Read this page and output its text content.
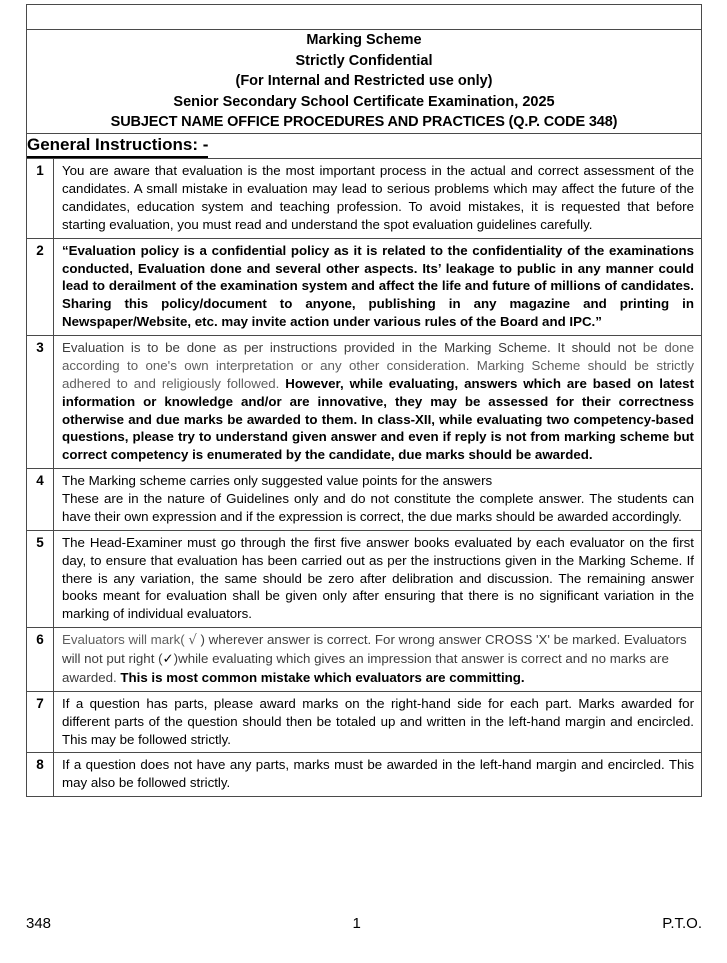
Marking Scheme
Strictly Confidential
(For Internal and Restricted use only)
Senior Secondary School Certificate Examination, 2025
SUBJECT NAME OFFICE PROCEDURES AND PRACTICES (Q.P. CODE 348)	

General Instructions: -	
1	You are aware that evaluation is the most important process in the actual and correct assessment of the candidates. A small mistake in evaluation may lead to serious problems which may affect the future of the candidates, education system and teaching profession. To avoid mistakes, it is requested that before starting evaluation, you must read and understand the spot evaluation guidelines carefully.

2	“Evaluation policy is a confidential policy as it is related to the confidentiality of the examinations conducted, Evaluation done and several other aspects. Its’ leakage to public in any manner could lead to derailment of the examination system and affect the life and future of millions of candidates. Sharing this policy/document to anyone, publishing in any magazine and printing in Newspaper/Website, etc. may invite action under various rules of the Board and IPC.”

3	Evaluation is to be done as per instructions provided in the Marking Scheme. It should not be done according to one's own interpretation or any other consideration. Marking Scheme should be strictly adhered to and religiously followed. However, while evaluating, answers which are based on latest information or knowledge and/or are innovative, they may be assessed for their correctness otherwise and due marks be awarded to them. In class-XII, while evaluating two competency-based questions, please try to understand given answer and even if reply is not from marking scheme but correct competency is enumerated by the candidate, due marks should be awarded.

4	The Marking scheme carries only suggested value points for the answers

These are in the nature of Guidelines only and do not constitute the complete answer. The students can have their own expression and if the expression is correct, the due marks should be awarded accordingly.

5	The Head-Examiner must go through the first five answer books evaluated by each evaluator on the first day, to ensure that evaluation has been carried out as per the instructions given in the Marking Scheme. If there is any variation, the same should be zero after delibration and discussion. The remaining answer books meant for evaluation shall be given only after ensuring that there is no significant variation in the marking of individual evaluators.

6	Evaluators will mark( √ ) wherever answer is correct. For wrong answer CROSS 'X' be marked. Evaluators will not put right (✓)while evaluating which gives an impression that answer is correct and no marks are awarded. This is most common mistake which evaluators are committing.

7	If a question has parts, please award marks on the right-hand side for each part. Marks awarded for different parts of the question should then be totaled up and written in the left-hand margin and encircled. This may be followed strictly.

8	If a question does not have any parts, marks must be awarded in the left-hand margin and encircled. This may also be followed strictly.

348	1	P.T.O.
